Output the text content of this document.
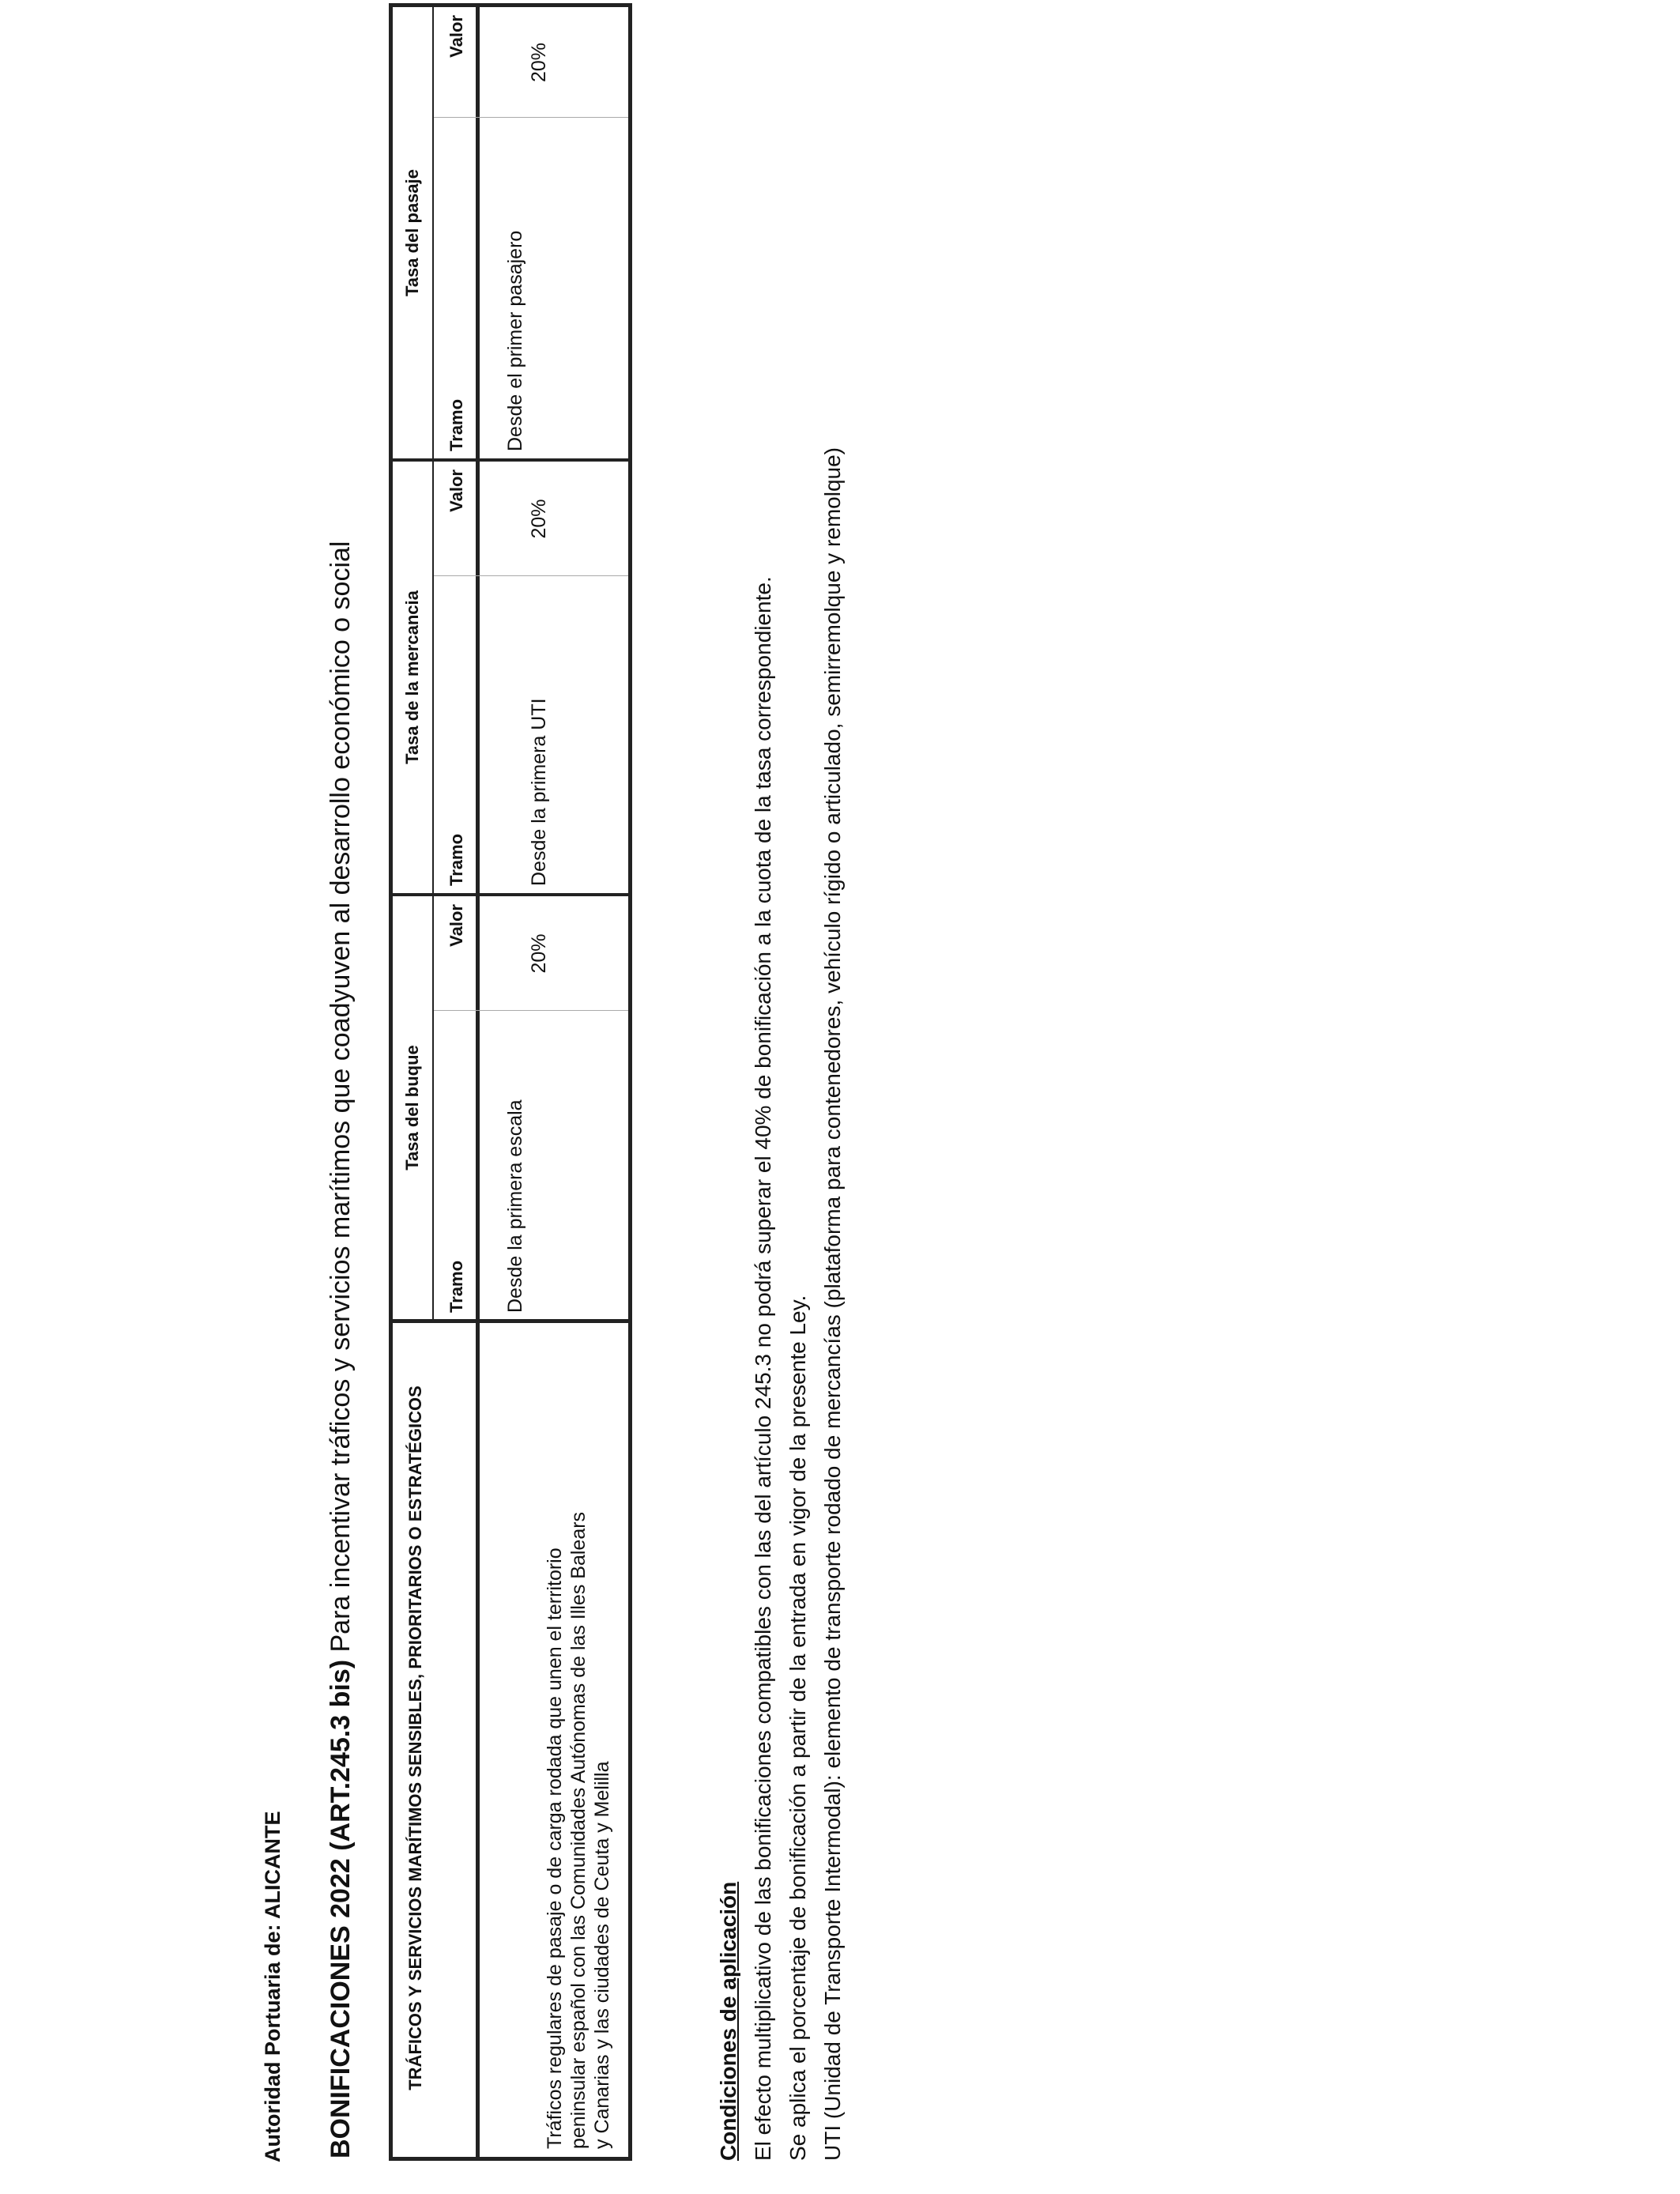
Autoridad Portuaria de: ALICANTE BONIFICACIONES 2022 (ART.245.3 bis) Para incentivar tráficos y servicios marítimos que coadyuven al desarrollo económico o social
TRÁFICOS Y SERVICIOS MARÍTIMOS SENSIBLES, PRIORITARIOS O ESTRATÉGICOS
Tasa del buque
Tasa de la mercancia
Tasa del pasaje
Tramo
Valor
Tramo
Valor
Tramo
Valor
Tráficos regulares de pasaje o de carga rodada que unen el territorio peninsular español con las Comunidades Autónomas de las Illes Balears y Canarias y las ciudades de Ceuta y Melilla
Desde la primera escala
20%
Desde la primera UTI
20%
Desde el primer pasajero
20%
Condiciones de aplicación El efecto multiplicativo de las bonificaciones compatibles con las del artículo 245.3 no podrá superar el 40% de bonificación a la cuota de la tasa correspondiente. Se aplica el porcentaje de bonificación a partir de la entrada en vigor de la presente Ley. UTI (Unidad de Transporte Intermodal): elemento de transporte rodado de mercancías (plataforma para contenedores, vehículo rígido o articulado, semirremolque y remolque)
